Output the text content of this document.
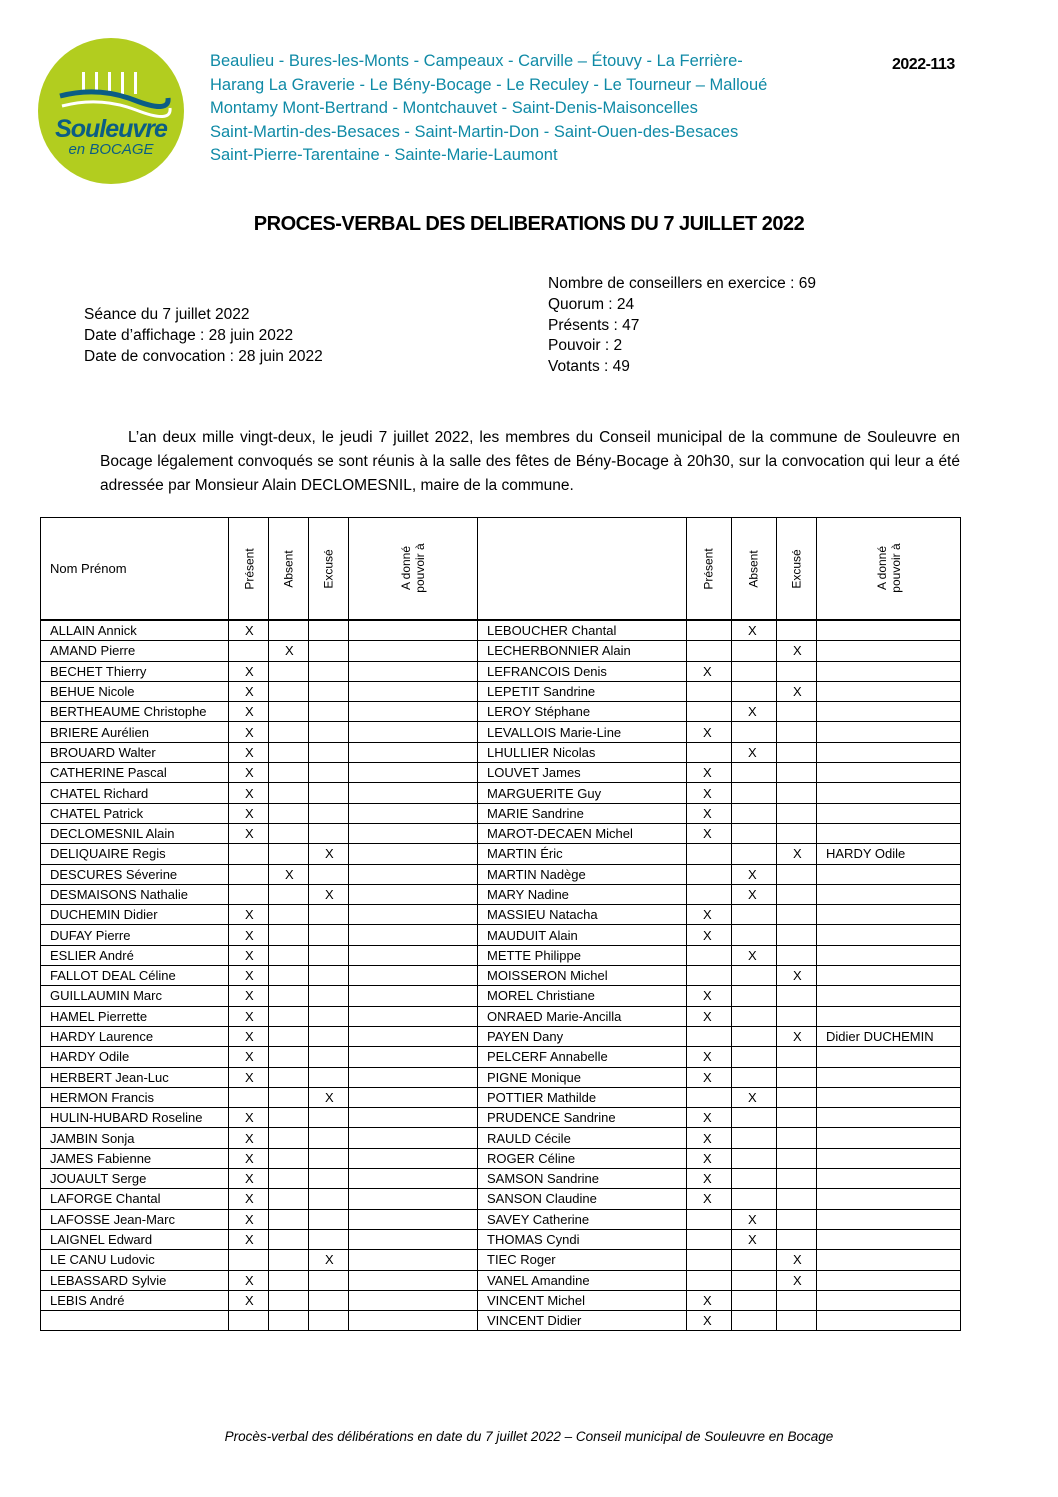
Souleuvre
en BOCAGE
Beaulieu - Bures-les-Monts - Campeaux - Carville – Étouvy - La Ferrière-
Harang La Graverie - Le Bény-Bocage - Le Reculey - Le Tourneur – Malloué
Montamy Mont-Bertrand - Montchauvet - Saint-Denis-Maisoncelles
Saint-Martin-des-Besaces - Saint-Martin-Don - Saint-Ouen-des-Besaces
Saint-Pierre-Tarentaine - Sainte-Marie-Laumont
2022-113
PROCES-VERBAL DES DELIBERATIONS DU 7 JUILLET 2022
Séance du 7 juillet 2022
Date d’affichage : 28 juin 2022
Date de convocation : 28 juin 2022
Nombre de conseillers en exercice : 69
Quorum : 24
Présents : 47
Pouvoir : 2
Votants : 49

L’an deux mille vingt-deux, le jeudi 7 juillet 2022, les membres du Conseil municipal de la commune de Souleuvre en Bocage légalement convoqués se sont réunis à la salle des fêtes de Bény-Bocage à 20h30, sur la convocation qui leur a été adressée par Monsieur Alain DECLOMESNIL, maire de la commune.

Nom Prénom	Présent	Absent	Excusé	A donné pouvoir à		Présent	Absent	Excusé	A donné pouvoir à
ALLAIN Annick	X				LEBOUCHER Chantal		X		
AMAND Pierre		X			LECHERBONNIER Alain			X	
BECHET Thierry	X				LEFRANCOIS Denis	X			
BEHUE Nicole	X				LEPETIT Sandrine			X	
BERTHEAUME Christophe	X				LEROY Stéphane		X		
BRIERE Aurélien	X				LEVALLOIS Marie-Line	X			
BROUARD Walter	X				LHULLIER Nicolas		X		
CATHERINE Pascal	X				LOUVET James	X			
CHATEL Richard	X				MARGUERITE Guy	X			
CHATEL Patrick	X				MARIE Sandrine	X			
DECLOMESNIL Alain	X				MAROT-DECAEN Michel	X			
DELIQUAIRE Regis			X		MARTIN Éric			X	HARDY Odile
DESCURES Séverine		X			MARTIN Nadège		X		
DESMAISONS Nathalie			X		MARY Nadine		X		
DUCHEMIN Didier	X				MASSIEU Natacha	X			
DUFAY Pierre	X				MAUDUIT Alain	X			
ESLIER André	X				METTE Philippe		X		
FALLOT DEAL Céline	X				MOISSERON Michel			X	
GUILLAUMIN Marc	X				MOREL Christiane	X			
HAMEL Pierrette	X				ONRAED Marie-Ancilla	X			
HARDY Laurence	X				PAYEN Dany			X	Didier DUCHEMIN
HARDY Odile	X				PELCERF Annabelle	X			
HERBERT Jean-Luc	X				PIGNE Monique	X			
HERMON Francis			X		POTTIER Mathilde		X		
HULIN-HUBARD Roseline	X				PRUDENCE Sandrine	X			
JAMBIN Sonja	X				RAULD Cécile	X			
JAMES Fabienne	X				ROGER Céline	X			
JOUAULT Serge	X				SAMSON Sandrine	X			
LAFORGE Chantal	X				SANSON Claudine	X			
LAFOSSE Jean-Marc	X				SAVEY Catherine		X		
LAIGNEL Edward	X				THOMAS Cyndi		X		
LE CANU Ludovic			X		TIEC Roger			X	
LEBASSARD Sylvie	X				VANEL Amandine			X	
LEBIS André	X				VINCENT Michel	X			
					VINCENT Didier	X			
Procès-verbal des délibérations en date du 7 juillet 2022 – Conseil municipal de Souleuvre en Bocage
